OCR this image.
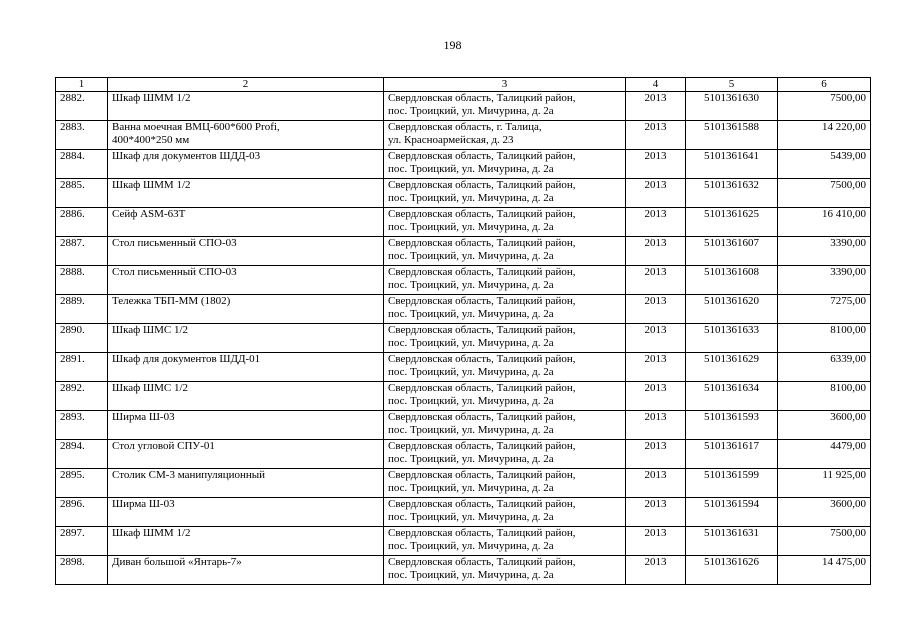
198
1	2	3	4	5	6
2882.	Шкаф ШММ 1/2	Свердловская область, Талицкий район,
пос. Троицкий, ул. Мичурина, д. 2а	2013	5101361630	7500,00
2883.	Ванна моечная ВМЦ-600*600 Profi,
400*400*250 мм	Свердловская область, г. Талица,
ул. Красноармейская, д. 23	2013	5101361588	14 220,00
2884.	Шкаф для документов ШДД-03	Свердловская область, Талицкий район,
пос. Троицкий, ул. Мичурина, д. 2а	2013	5101361641	5439,00
2885.	Шкаф ШММ 1/2	Свердловская область, Талицкий район,
пос. Троицкий, ул. Мичурина, д. 2а	2013	5101361632	7500,00
2886.	Сейф ASM-63T	Свердловская область, Талицкий район,
пос. Троицкий, ул. Мичурина, д. 2а	2013	5101361625	16 410,00
2887.	Стол письменный СПО-03	Свердловская область, Талицкий район,
пос. Троицкий, ул. Мичурина, д. 2а	2013	5101361607	3390,00
2888.	Стол письменный СПО-03	Свердловская область, Талицкий район,
пос. Троицкий, ул. Мичурина, д. 2а	2013	5101361608	3390,00
2889.	Тележка ТБП-ММ (1802)	Свердловская область, Талицкий район,
пос. Троицкий, ул. Мичурина, д. 2а	2013	5101361620	7275,00
2890.	Шкаф ШМС 1/2	Свердловская область, Талицкий район,
пос. Троицкий, ул. Мичурина, д. 2а	2013	5101361633	8100,00
2891.	Шкаф для документов ШДД-01	Свердловская область, Талицкий район,
пос. Троицкий, ул. Мичурина, д. 2а	2013	5101361629	6339,00
2892.	Шкаф ШМС 1/2	Свердловская область, Талицкий район,
пос. Троицкий, ул. Мичурина, д. 2а	2013	5101361634	8100,00
2893.	Ширма Ш-03	Свердловская область, Талицкий район,
пос. Троицкий, ул. Мичурина, д. 2а	2013	5101361593	3600,00
2894.	Стол угловой СПУ-01	Свердловская область, Талицкий район,
пос. Троицкий, ул. Мичурина, д. 2а	2013	5101361617	4479,00
2895.	Столик СМ-3 манипуляционный	Свердловская область, Талицкий район,
пос. Троицкий, ул. Мичурина, д. 2а	2013	5101361599	11 925,00
2896.	Ширма Ш-03	Свердловская область, Талицкий район,
пос. Троицкий, ул. Мичурина, д. 2а	2013	5101361594	3600,00
2897.	Шкаф ШММ 1/2	Свердловская область, Талицкий район,
пос. Троицкий, ул. Мичурина, д. 2а	2013	5101361631	7500,00
2898.	Диван большой «Янтарь-7»	Свердловская область, Талицкий район,
пос. Троицкий, ул. Мичурина, д. 2а	2013	5101361626	14 475,00
